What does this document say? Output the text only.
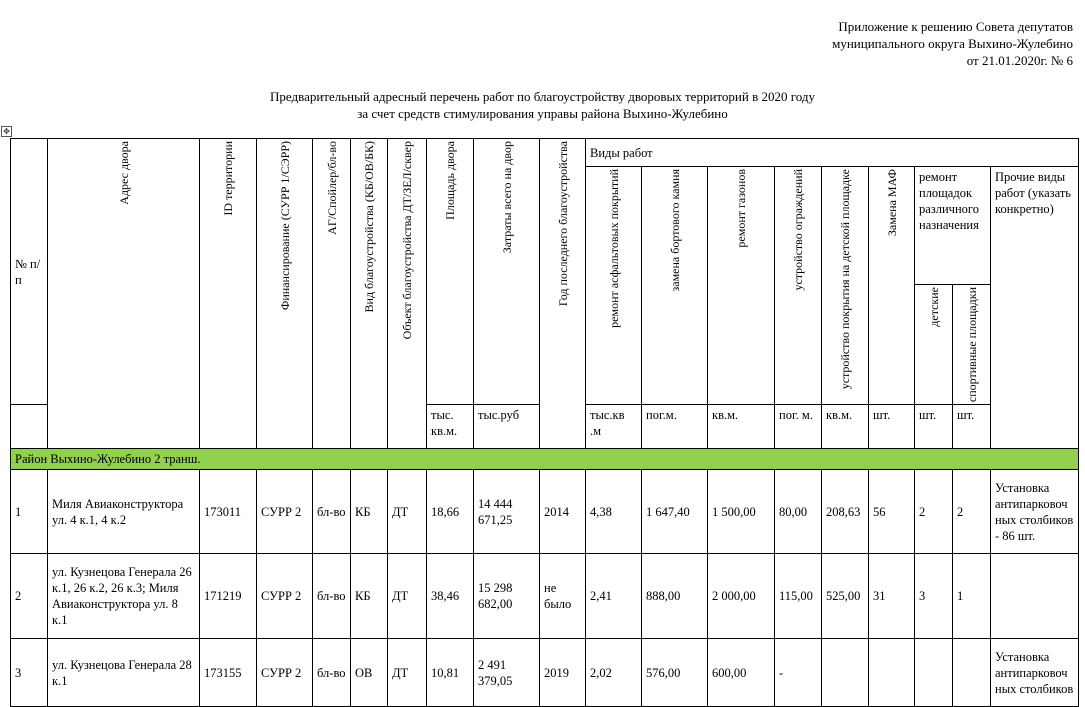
Приложение к решению Совета депутатов
муниципального округа Выхино-Жулебино
от 21.01.2020г. № 6
Предварительный адресный перечень работ по благоустройству дворовых территорий в 2020 году
за счет средств стимулирования управы района Выхино-Жулебино
✥
№ п/п	Адрес двора	ID территории	Финансирование (СУРР 1/СЭРР)	АГ/Спойлер/бл-во	Вид благоустройства (КБ/ОВ/БК)	Объект благоустройства ДТ/ЗЕЛ/сквер	Площадь двора	Затраты всего на двор	Год последнего благоустройства	Виды работ								

										ремонт асфальтовых покрытий	замена бортового камня	ремонт газонов	устройство ограждений	устройство покрытия на детской площадке	Замена МАФ	ремонт площадок различного назначения		Прочие виды работ (указать конкретно)

																детские	спортивные площадки	

							тыс. кв.м.	тыс.руб		тыс.кв .м	пог.м.	кв.м.	пог. м.	кв.м.	шт.	шт.	шт.	
Район Выхино-Жулебино 2 транш.																		
1	Миля Авиаконструктора ул. 4 к.1, 4 к.2	173011	СУРР 2	бл-во	КБ	ДТ	18,66	14 444 671,25	2014	4,38	1 647,40	1 500,00	80,00	208,63	56	2	2	Установка антипарковочных столбиков - 86 шт.
2	ул. Кузнецова Генерала 26 к.1, 26 к.2, 26 к.3; Миля Авиаконструктора ул. 8 к.1	171219	СУРР 2	бл-во	КБ	ДТ	38,46	15 298 682,00	не было	2,41	888,00	2 000,00	115,00	525,00	31	3	1	
3	ул. Кузнецова Генерала 28 к.1	173155	СУРР 2	бл-во	ОВ	ДТ	10,81	2 491 379,05	2019	2,02	576,00	600,00	-					Установка антипарковочных столбиков
